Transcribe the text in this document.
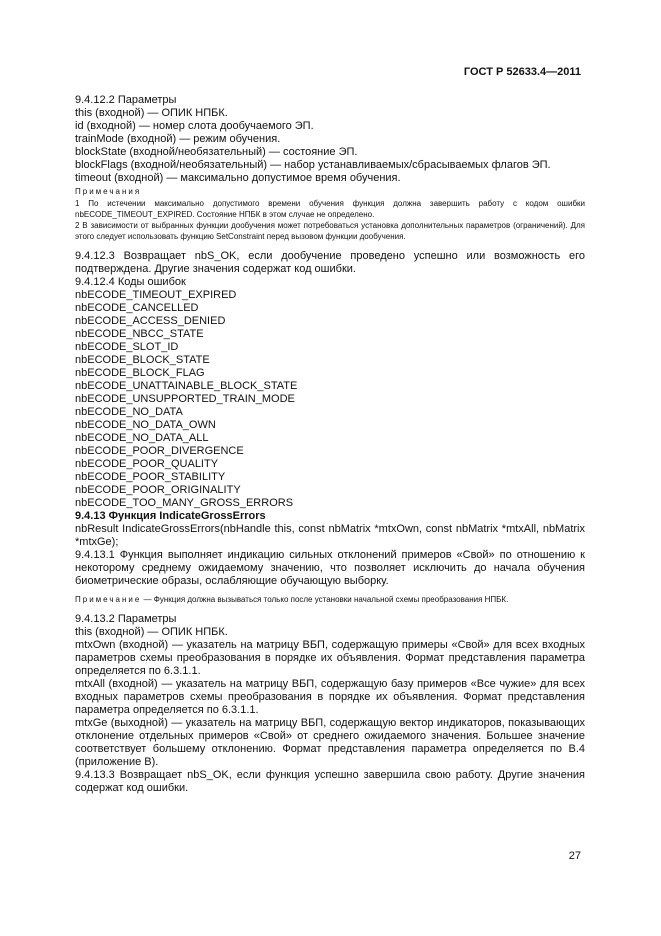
ГОСТ Р 52633.4—2011

9.4.12.2 Параметры

this (входной) — ОПИК НПБК.

id (входной) — номер слота дообучаемого ЭП.

trainMode (входной) — режим обучения.

blockState (входной/необязательный) — состояние ЭП.

blockFlags (входной/необязательный) — набор устанавливаемых/сбрасываемых флагов ЭП.

timeout (входной) — максимально допустимое время обучения.

Примечания

1 По истечении максимально допустимого времени обучения функция должна завершить работу с кодом ошибки nbECODE_TIMEOUT_EXPIRED. Состояние НПБК в этом случае не определено.

2 В зависимости от выбранных функции дообучения может потребоваться установка дополнительных параметров (ограничений). Для этого следует использовать функцию SetConstraint перед вызовом функции дообучения.

9.4.12.3 Возвращает nbS_OK, если дообучение проведено успешно или возможность его подтверждена. Другие значения содержат код ошибки.

9.4.12.4 Коды ошибок

nbECODE_TIMEOUT_EXPIRED

nbECODE_CANCELLED

nbECODE_ACCESS_DENIED

nbECODE_NBCC_STATE

nbECODE_SLOT_ID

nbECODE_BLOCK_STATE

nbECODE_BLOCK_FLAG

nbECODE_UNATTAINABLE_BLOCK_STATE

nbECODE_UNSUPPORTED_TRAIN_MODE

nbECODE_NO_DATA

nbECODE_NO_DATA_OWN

nbECODE_NO_DATA_ALL

nbECODE_POOR_DIVERGENCE

nbECODE_POOR_QUALITY

nbECODE_POOR_STABILITY

nbECODE_POOR_ORIGINALITY

nbECODE_TOO_MANY_GROSS_ERRORS

9.4.13 Функция IndicateGrossErrors

nbResult IndicateGrossErrors(nbHandle this, const nbMatrix *mtxOwn, const nbMatrix *mtxAll, nbMatrix *mtxGe);

9.4.13.1 Функция выполняет индикацию сильных отклонений примеров «Свой» по отношению к некоторому среднему ожидаемому значению, что позволяет исключить до начала обучения биометрические образы, ослабляющие обучающую выборку.

Примечание — Функция должна вызываться только после установки начальной схемы преобразования НПБК.

9.4.13.2 Параметры

this (входной) — ОПИК НПБК.

mtxOwn (входной) — указатель на матрицу ВБП, содержащую примеры «Свой» для всех входных параметров схемы преобразования в порядке их объявления. Формат представления параметра определяется по 6.3.1.1.

mtxAll (входной) — указатель на матрицу ВБП, содержащую базу примеров «Все чужие» для всех входных параметров схемы преобразования в порядке их объявления. Формат представления параметра определяется по 6.3.1.1.

mtxGe (выходной) — указатель на матрицу ВБП, содержащую вектор индикаторов, показывающих отклонение отдельных примеров «Свой» от среднего ожидаемого значения. Большее значение соответствует большему отклонению. Формат представления параметра определяется по В.4 (приложение В).

9.4.13.3 Возвращает nbS_OK, если функция успешно завершила свою работу. Другие значения содержат код ошибки.

27
